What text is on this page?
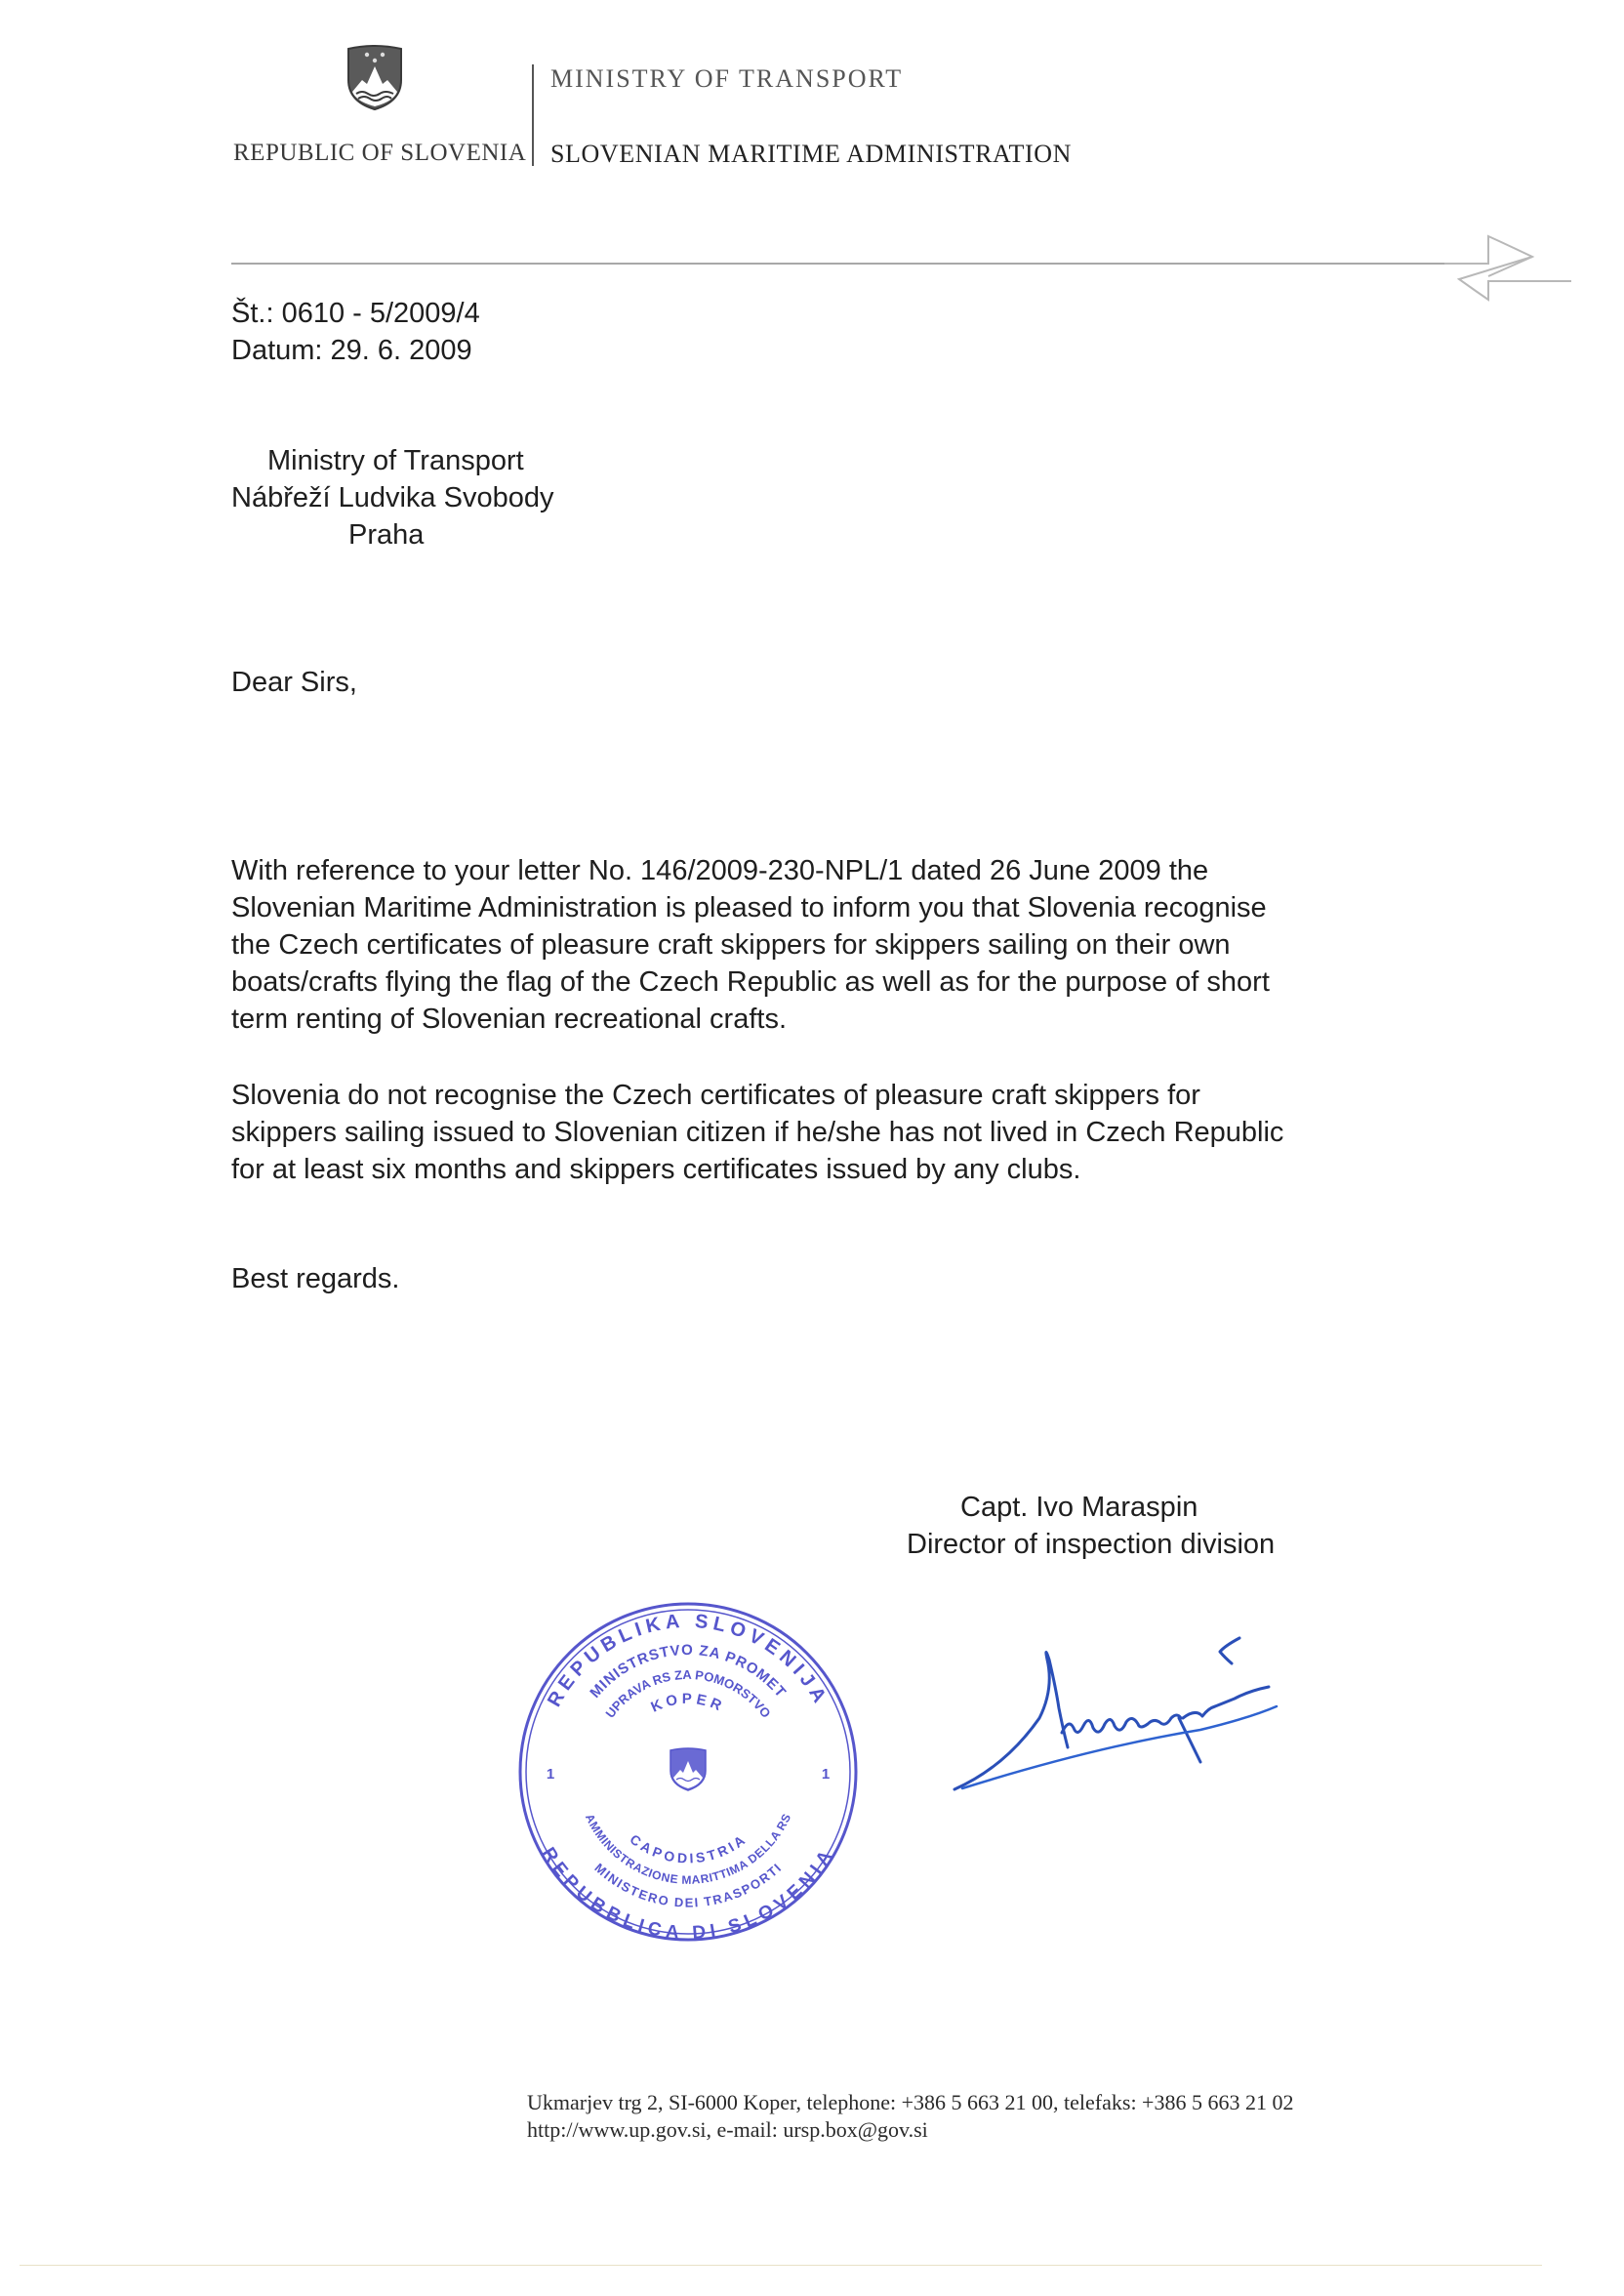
REPUBLIC OF SLOVENIA
MINISTRY OF TRANSPORT
SLOVENIAN MARITIME ADMINISTRATION
Št.: 0610 - 5/2009/4
Datum: 29. 6. 2009
Ministry of Transport
Nábřeží Ludvika Svobody
Praha
Dear Sirs,

With reference to your letter No. 146/2009-230-NPL/1 dated 26 June 2009 the

Slovenian Maritime Administration is pleased to inform you that Slovenia recognise

the Czech certificates of pleasure craft skippers for skippers sailing on their own

boats/crafts flying the flag of the Czech Republic as well as for the purpose of short

term renting of Slovenian recreational crafts.

Slovenia do not recognise the Czech certificates of pleasure craft skippers for

skippers sailing issued to Slovenian citizen if he/she has not lived in Czech Republic

for at least six months and skippers certificates issued by any clubs.

Best regards.
Capt. Ivo Maraspin
Director of inspection division
REPUBLIKA SLOVENIJA
MINISTRSTVO ZA PROMET
UPRAVA RS ZA POMORSTVO
KOPER
CAPODISTRIA
AMMINISTRAZIONE MARITTIMA DELLA RS
MINISTERO DEI TRASPORTI
REPUBBLICA DI SLOVENIA
1	1
Ukmarjev trg 2, SI-6000 Koper, telephone: +386 5 663 21 00, telefaks: +386 5 663 21 02
http://www.up.gov.si, e-mail: ursp.box@gov.si
